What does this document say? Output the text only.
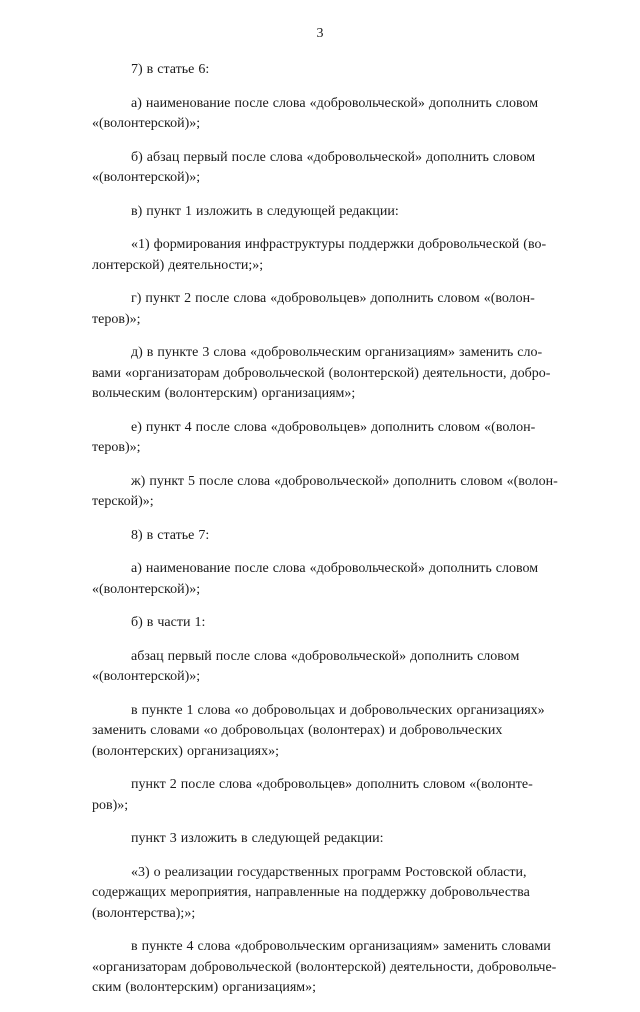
3

7) в статье 6:

а) наименование после слова «добровольческой» дополнить словом
«(волонтерской)»;

б) абзац первый после слова «добровольческой» дополнить словом
«(волонтерской)»;

в) пункт 1 изложить в следующей редакции:

«1) формирования инфраструктуры поддержки добровольческой (во-
лонтерской) деятельности;»;

г) пункт 2 после слова «добровольцев» дополнить словом «(волон-
теров)»;

д) в пункте 3 слова «добровольческим организациям» заменить сло-
вами «организаторам добровольческой (волонтерской) деятельности, добро-
вольческим (волонтерским) организациям»;

е) пункт 4 после слова «добровольцев» дополнить словом «(волон-
теров)»;

ж) пункт 5 после слова «добровольческой» дополнить словом «(волон-
терской)»;

8) в статье 7:

а) наименование после слова «добровольческой» дополнить словом
«(волонтерской)»;

б) в части 1:

абзац первый после слова «добровольческой» дополнить словом
«(волонтерской)»;

в пункте 1 слова «о добровольцах и добровольческих организациях»
заменить словами «о добровольцах (волонтерах) и добровольческих
(волонтерских) организациях»;

пункт 2 после слова «добровольцев» дополнить словом «(волонте-
ров)»;

пункт 3 изложить в следующей редакции:

«3) о реализации государственных программ Ростовской области,
содержащих мероприятия, направленные на поддержку добровольчества
(волонтерства);»;

в пункте 4 слова «добровольческим организациям» заменить словами
«организаторам добровольческой (волонтерской) деятельности, добровольче-
ским (волонтерским) организациям»;
